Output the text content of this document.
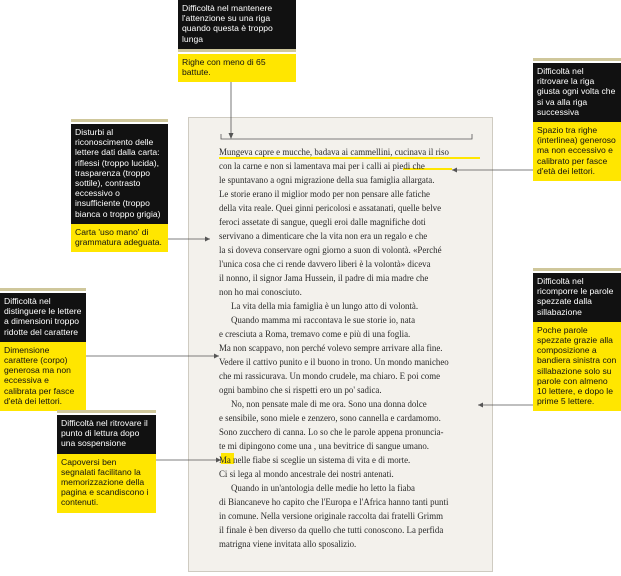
Mungeva capre e mucche, badava ai cammellini, cucinava il riso
con la carne e non si lamentava mai per i calli ai piedi che
le spuntavano a ogni migrazione della sua famiglia allargata.
Le storie erano il miglior modo per non pensare alle fatiche
della vita reale. Quei ginni pericolosi e assatanati, quelle belve
feroci assetate di sangue, quegli eroi dalle magnifiche doti
servivano a dimenticare che la vita non era un regalo e che
la si doveva conservare ogni giorno a suon di volontà. «Perché
l'unica cosa che ci rende davvero liberi è la volontà» diceva
il nonno, il signor Jama Hussein, il padre di mia madre che
non ho mai conosciuto.
La vita della mia famiglia è un lungo atto di volontà.
Quando mamma mi raccontava le sue storie io, nata
e cresciuta a Roma, tremavo come e più di una foglia.
Ma non scappavo, non perché volevo sempre arrivare alla fine.
Vedere il cattivo punito e il buono in trono. Un mondo manicheo
che mi rassicurava. Un mondo crudele, ma chiaro. E poi come
ogni bambino che si rispetti ero un po' sadica.
No, non pensate male di me ora. Sono una donna dolce
e sensibile, sono miele e zenzero, sono cannella e cardamomo.
Sono zucchero di canna. Lo so che le parole appena pronuncia-
te mi dipingono come una , una bevitrice di sangue umano.
Ma nelle fiabe si sceglie un sistema di vita e di morte.
Ci si lega al mondo ancestrale dei nostri antenati.
Quando in un'antologia delle medie ho letto la fiaba
di Biancaneve ho capito che l'Europa e l'Africa hanno tanti punti
in comune. Nella versione originale raccolta dai fratelli Grimm
il finale è ben diverso da quello che tutti conoscono. La perfida
matrigna viene invitata allo sposalizio.
Difficoltà nel mantenere l'attenzione su una riga quando questa è troppo lunga
Righe con meno di 65 battute.	Difficoltà nel ritrovare la riga giusta ogni volta che si va alla riga successiva
Spazio tra righe (interlinea) generoso ma non eccessivo e calibrato per fasce d'età dei lettori.
Disturbi al riconoscimento delle lettere dati dalla carta: riflessi (troppo lucida), trasparenza (troppo sottile), contrasto eccessivo o insufficiente (troppo bianca o troppo grigia)
Carta 'uso mano' di grammatura adeguata.
Difficoltà nel ricomporre le parole spezzate dalla sillabazione
Poche parole spezzate grazie alla composizione a bandiera sinistra con sillabazione solo su parole con almeno 10 lettere, e dopo le prime 5 lettere.
Difficoltà nel distinguere le lettere a dimensioni troppo ridotte del carattere
Dimensione carattere (corpo) generosa ma non eccessiva e calibrata per fasce d'età dei lettori.
Difficoltà nel ritrovare il punto di lettura dopo una sospensione
Capoversi ben segnalati facilitano la memorizzazione della pagina e scandiscono i contenuti.
